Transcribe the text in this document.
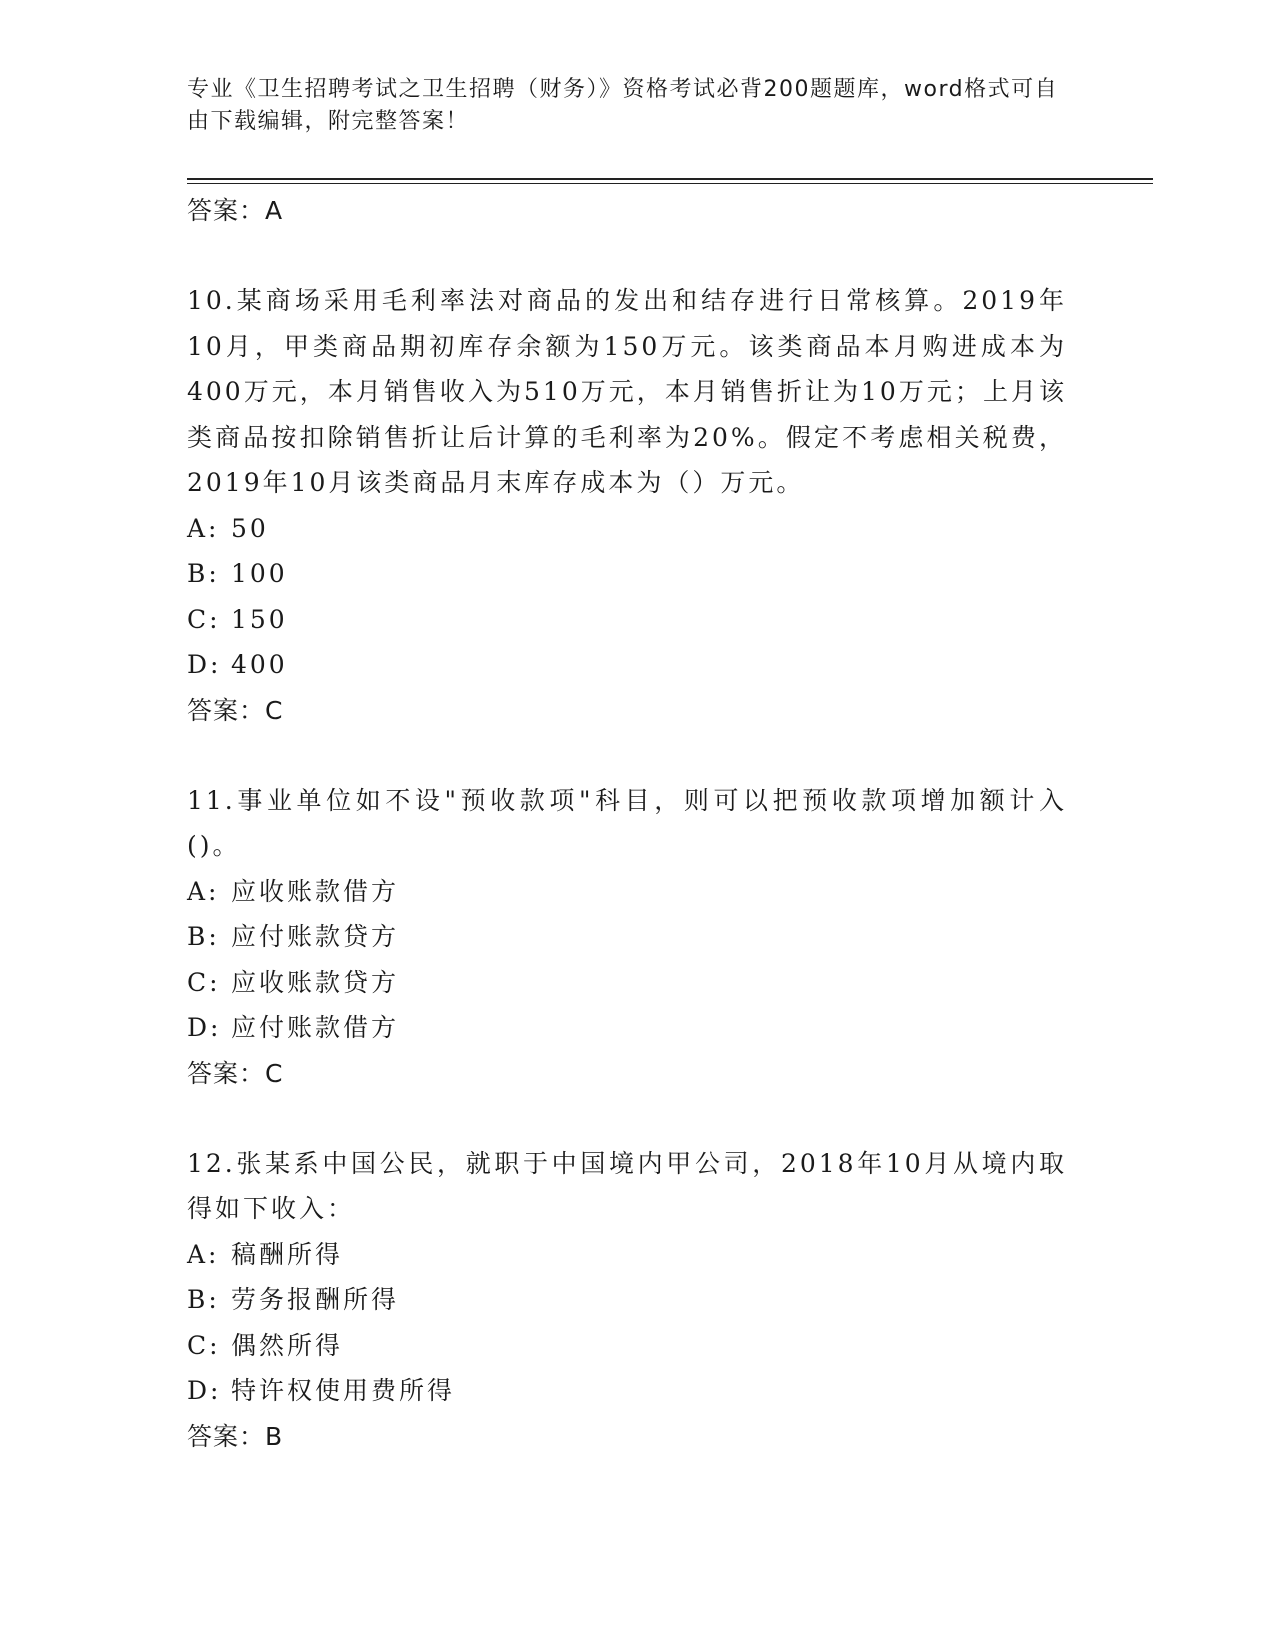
专业《卫生招聘考试之卫生招聘（财务）》资格考试必背200题题库，word格式可自由下载编辑，附完整答案！
答案：A
10.某商场采用毛利率法对商品的发出和结存进行日常核算。2019年10月，甲类商品期初库存余额为150万元。该类商品本月购进成本为400万元，本月销售收入为510万元，本月销售折让为10万元；上月该类商品按扣除销售折让后计算的毛利率为20%。假定不考虑相关税费，2019年10月该类商品月末库存成本为（）万元。
A: 50
B: 100
C: 150
D: 400
答案：C
11.事业单位如不设"预收款项"科目，则可以把预收款项增加额计入()。
A: 应收账款借方
B: 应付账款贷方
C: 应收账款贷方
D: 应付账款借方
答案：C
12.张某系中国公民，就职于中国境内甲公司，2018年10月从境内取得如下收入：
A: 稿酬所得
B: 劳务报酬所得
C: 偶然所得
D: 特许权使用费所得
答案：B
